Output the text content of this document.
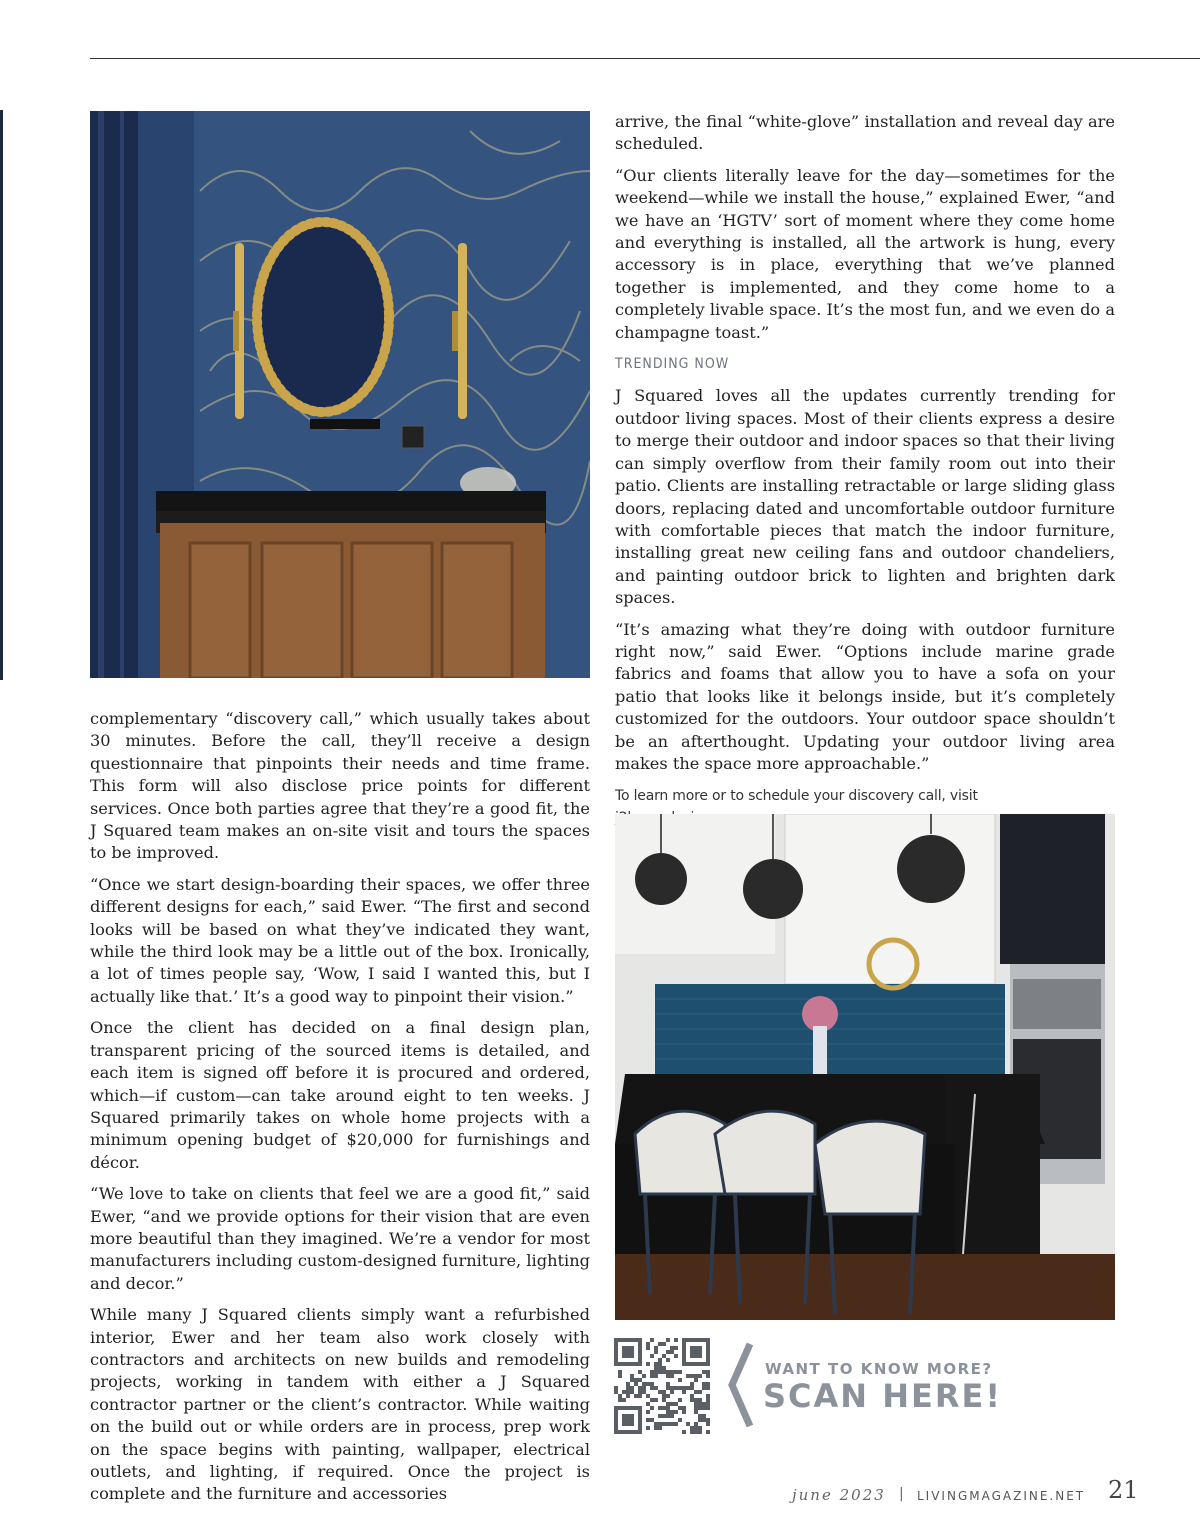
complementary “discovery call,” which usually takes about 30 minutes. Before the call, they’ll receive a design questionnaire that pinpoints their needs and time frame. This form will also disclose price points for different services. Once both parties agree that they’re a good fit, the J Squared team makes an on-site visit and tours the spaces to be improved.

“Once we start design-boarding their spaces, we offer three different designs for each,” said Ewer. “The first and second looks will be based on what they’ve indicated they want, while the third look may be a little out of the box. Ironically, a lot of times people say, ‘Wow, I said I wanted this, but I actually like that.’ It’s a good way to pinpoint their vision.”

Once the client has decided on a final design plan, transparent pricing of the sourced items is detailed, and each item is signed off before it is procured and ordered, which—if custom—can take around eight to ten weeks. J Squared primarily takes on whole home projects with a minimum opening budget of $20,000 for furnishings and décor.

“We love to take on clients that feel we are a good fit,” said Ewer, “and we provide options for their vision that are even more beautiful than they imagined. We’re a vendor for most manufacturers including custom-designed furniture, lighting and decor.”

While many J Squared clients simply want a refurbished interior, Ewer and her team also work closely with contractors and architects on new builds and remodeling projects, working in tandem with either a J Squared contractor partner or the client’s contractor. While waiting on the build out or while orders are in process, prep work on the space begins with painting, wallpaper, electrical outlets, and lighting, if required. Once the project is complete and the furniture and accessories

arrive, the final “white-glove” installation and reveal day are scheduled.

“Our clients literally leave for the day—sometimes for the weekend—while we install the house,” explained Ewer, “and we have an ‘HGTV’ sort of moment where they come home and everything is installed, all the artwork is hung, every accessory is in place, everything that we’ve planned together is implemented, and they come home to a completely livable space. It’s the most fun, and we even do a champagne toast.”

TRENDING NOW

J Squared loves all the updates currently trending for outdoor living spaces. Most of their clients express a desire to merge their outdoor and indoor spaces so that their living can simply overflow from their family room out into their patio. Clients are installing retractable or large sliding glass doors, replacing dated and uncomfortable outdoor furniture with comfortable pieces that match the indoor furniture, installing great new ceiling fans and outdoor chandeliers, and painting outdoor brick to lighten and brighten dark spaces.

“It’s amazing what they’re doing with outdoor furniture right now,” said Ewer. “Options include marine grade fabrics and foams that allow you to have a sofa on your patio that looks like it belongs inside, but it’s completely customized for the outdoors. Your outdoor space shouldn’t be an afterthought. Updating your outdoor living area makes the space more approachable.”

To learn more or to schedule your discovery call, visit
WANT TO KNOW MORE?
SCAN HERE!
june 2023 | LIVINGMAGAZINE.NET 21
